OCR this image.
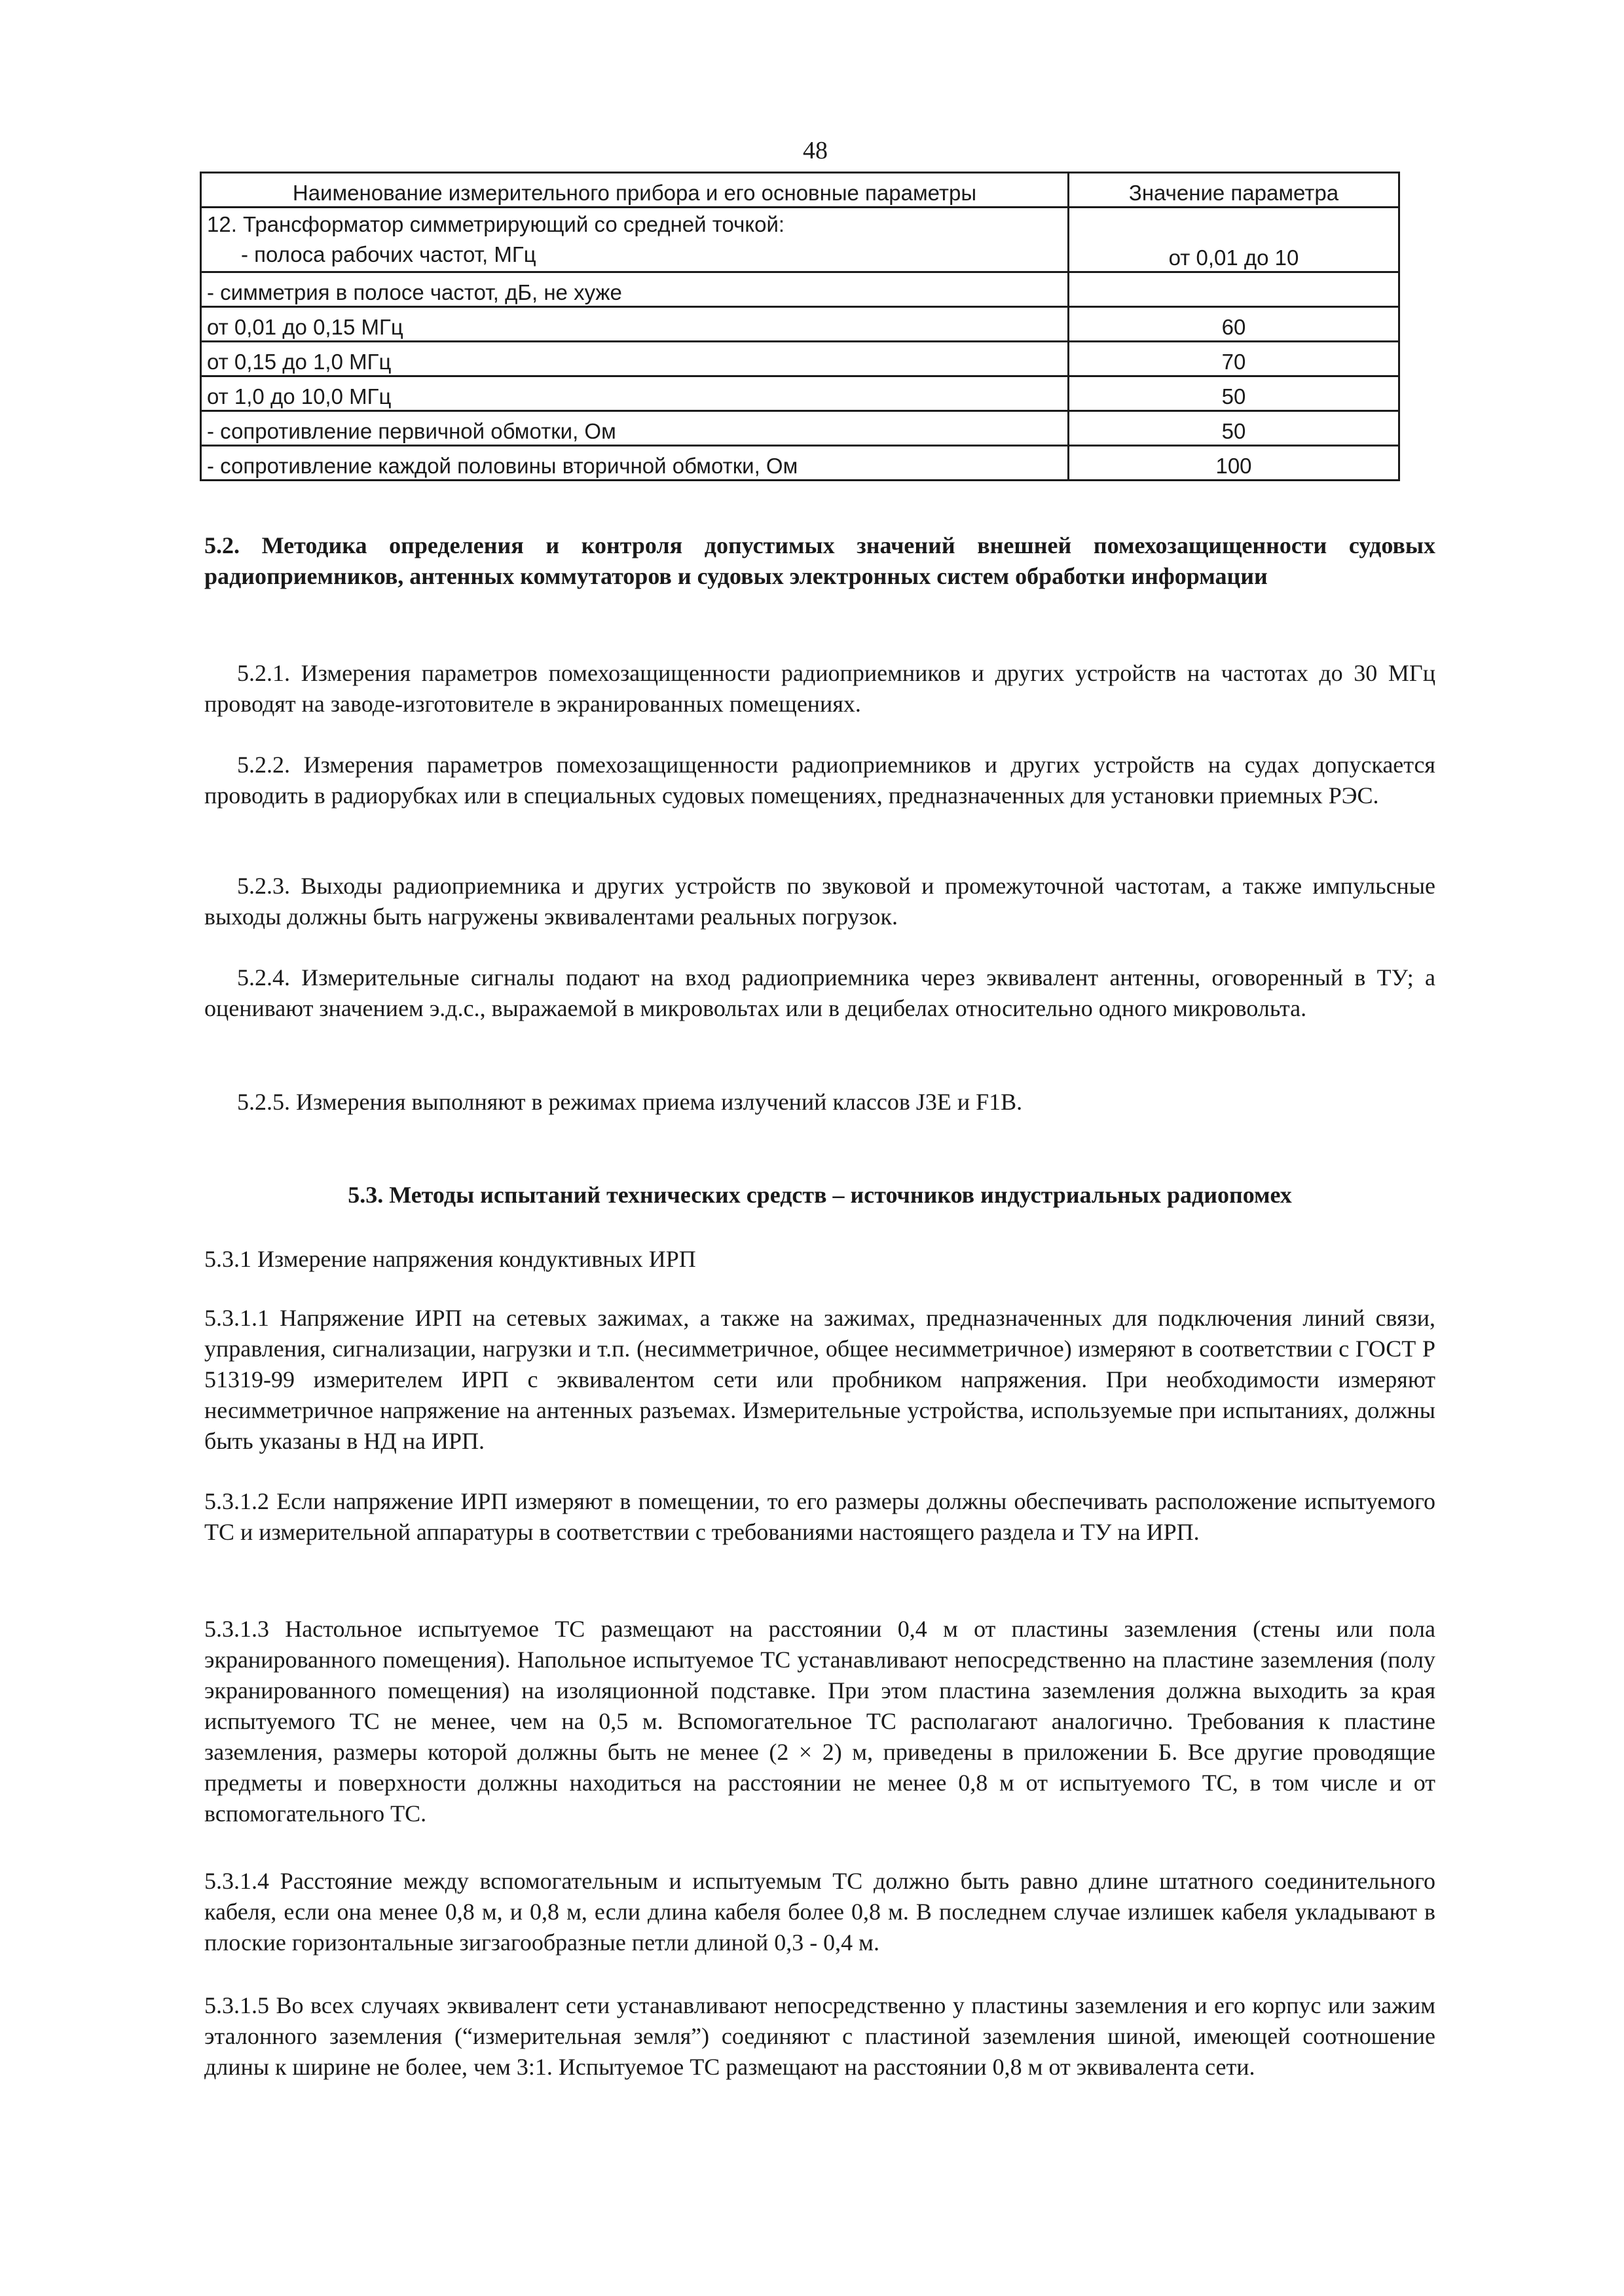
48
Наименование измерительного прибора и его основные параметры	Значение параметра

12. Трансформатор симметрирующий со средней точкой:
- полоса рабочих частот, МГц	от 0,01 до 10
- симметрия в полосе частот, дБ, не хуже	
от 0,01 до 0,15 МГц	60
от 0,15 до 1,0 МГц	70
от 1,0 до 10,0 МГц	50
- сопротивление первичной обмотки, Ом	50
- сопротивление каждой половины вторичной обмотки, Ом	100

5.2. Методика определения и контроля допустимых значений внешней помехозащищенности судовых радиоприемников, антенных коммутаторов и судовых электронных систем обработки информации

5.2.1. Измерения параметров помехозащищенности радиоприемников и других устройств на частотах до 30 МГц проводят на заводе-изготовителе в экранированных помещениях.

5.2.2. Измерения параметров помехозащищенности радиоприемников и других устройств на судах допускается проводить в радиорубках или в специальных судовых помещениях, предназначенных для установки приемных РЭС.

5.2.3. Выходы радиоприемника и других устройств по звуковой и промежуточной частотам, а также импульсные выходы должны быть нагружены эквивалентами реальных погрузок.

5.2.4. Измерительные сигналы подают на вход радиоприемника через эквивалент антенны, оговоренный в ТУ; а оценивают значением э.д.с., выражаемой в микровольтах или в децибелах относительно одного микровольта.

5.2.5. Измерения выполняют в режимах приема излучений классов J3E и F1B.

5.3. Методы испытаний технических средств – источников индустриальных радиопомех

5.3.1 Измерение напряжения кондуктивных ИРП

5.3.1.1 Напряжение ИРП на сетевых зажимах, а также на зажимах, предназначенных для подключения линий связи, управления, сигнализации, нагрузки и т.п. (несимметричное, общее несимметричное) измеряют в соответствии с ГОСТ Р 51319-99 измерителем ИРП с эквивалентом сети или пробником напряжения. При необходимости измеряют несимметричное напряжение на антенных разъемах. Измерительные устройства, используемые при испытаниях, должны быть указаны в НД на ИРП.

5.3.1.2 Если напряжение ИРП измеряют в помещении, то его размеры должны обеспечивать расположение испытуемого ТС и измерительной аппаратуры в соответствии с требованиями настоящего раздела и ТУ на ИРП.

5.3.1.3 Настольное испытуемое ТС размещают на расстоянии 0,4 м от пластины заземления (стены или пола экранированного помещения). Напольное испытуемое ТС устанавливают непосредственно на пластине заземления (полу экранированного помещения) на изоляционной подставке. При этом пластина заземления должна выходить за края испытуемого ТС не менее, чем на 0,5 м. Вспомогательное ТС располагают аналогично. Требования к пластине заземления, размеры которой должны быть не менее (2 × 2) м, приведены в приложении Б. Все другие проводящие предметы и поверхности должны находиться на расстоянии не менее 0,8 м от испытуемого ТС, в том числе и от вспомогательного ТС.

5.3.1.4 Расстояние между вспомогательным и испытуемым ТС должно быть равно длине штатного соединительного кабеля, если она менее 0,8 м, и 0,8 м, если длина кабеля более 0,8 м. В последнем случае излишек кабеля укладывают в плоские горизонтальные зигзагообразные петли длиной 0,3 - 0,4 м.

5.3.1.5 Во всех случаях эквивалент сети устанавливают непосредственно у пластины заземления и его корпус или зажим эталонного заземления (“измерительная земля”) соединяют с пластиной заземления шиной, имеющей соотношение длины к ширине не более, чем 3:1. Испытуемое ТС размещают на расстоянии 0,8 м от эквивалента сети.
